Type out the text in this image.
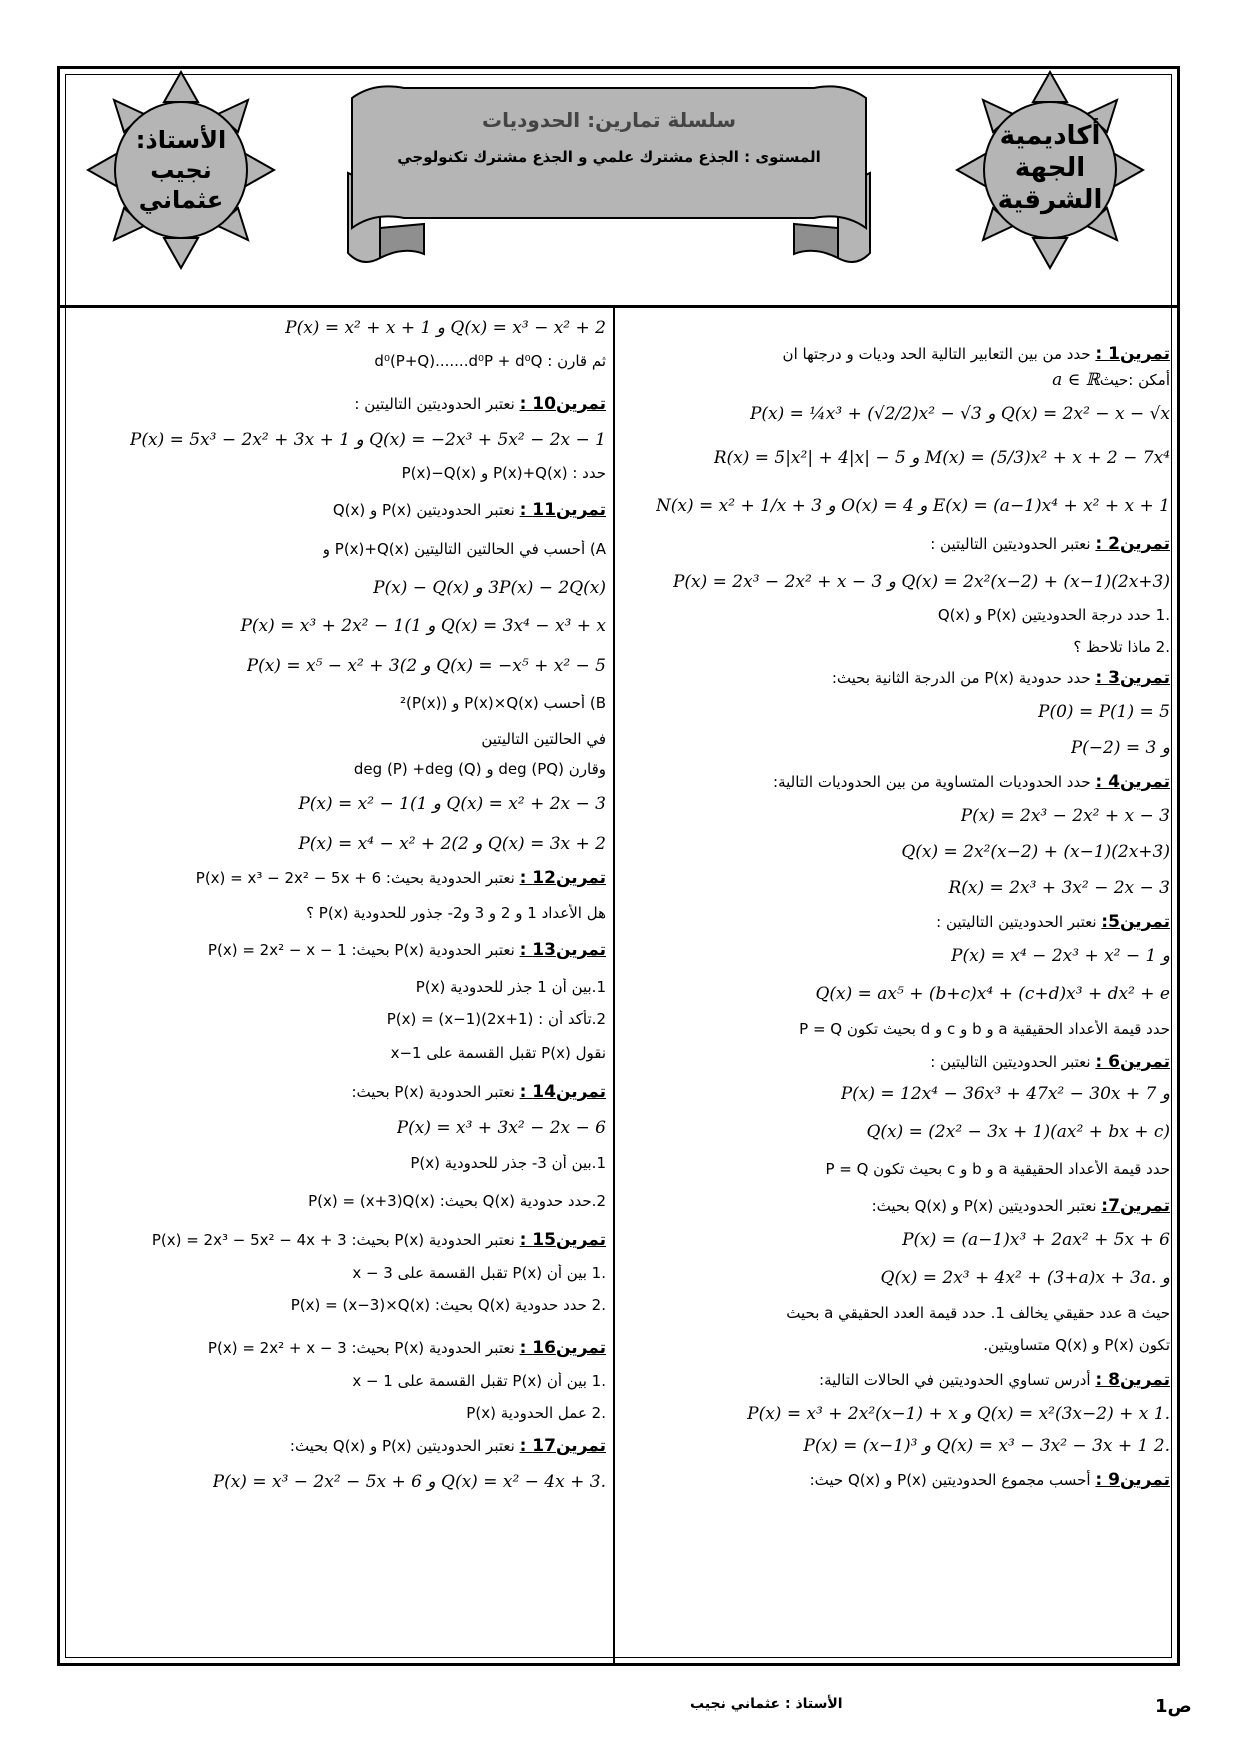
الأستاذ:
نجيب
عثماني
أكاديمية
الجهة
الشرقية
سلسلة تمارين: الحدوديات
المستوى : الجذع مشترك علمي و الجذع مشترك تكنولوجي
تمرين1 : حدد من بين التعابير التالية الحد وديات و درجتها ان
أمكن :حيثa ∈ ℝ
Q(x) = 2x² − x − √x و P(x) = ¼x³ + (√2/2)x² − √3
M(x) = (5/3)x² + x + 2 − 7x⁴ و R(x) = 5|x²| + 4|x| − 5
E(x) = (a−1)x⁴ + x² + x + 1 و O(x) = 4 و N(x) = x² + 1/x + 3
تمرين2 : نعتبر الحدوديتين التاليتين :
Q(x) = 2x²(x−2) + (x−1)(2x+3) و P(x) = 2x³ − 2x² + x − 3
.1 حدد درجة الحدوديتين P(x) و Q(x)
.2 ماذا تلاحظ ؟
تمرين3 : حدد حدودية P(x) من الدرجة الثانية بحيث:
P(0) = P(1) = 5
و P(−2) = 3
تمرين4 : حدد الحدوديات المتساوية من بين الحدوديات التالية:
P(x) = 2x³ − 2x² + x − 3
Q(x) = 2x²(x−2) + (x−1)(2x+3)
R(x) = 2x³ + 3x² − 2x − 3
تمرين5: نعتبر الحدوديتين التاليتين :
و P(x) = x⁴ − 2x³ + x² − 1
Q(x) = ax⁵ + (b+c)x⁴ + (c+d)x³ + dx² + e
حدد قيمة الأعداد الحقيقية a و b و c و d بحيث تكون P = Q
تمرين6 : نعتبر الحدوديتين التاليتين :
و P(x) = 12x⁴ − 36x³ + 47x² − 30x + 7
Q(x) = (2x² − 3x + 1)(ax² + bx + c)
حدد قيمة الأعداد الحقيقية a و b و c بحيث تكون P = Q
تمرين7: نعتبر الحدوديتين P(x) و Q(x) بحيث:
P(x) = (a−1)x³ + 2ax² + 5x + 6
و .Q(x) = 2x³ + 4x² + (3+a)x + 3a
حيث a عدد حقيقي يخالف 1. حدد قيمة العدد الحقيقي a بحيث
تكون P(x) و Q(x) متساويتين.
تمرين8 : أدرس تساوي الحدوديتين في الحالات التالية:
.1 Q(x) = x²(3x−2) + x و P(x) = x³ + 2x²(x−1) + x
.2 Q(x) = x³ − 3x² − 3x + 1 و P(x) = (x−1)³
تمرين9 : أحسب مجموع الحدوديتين P(x) و Q(x) حيث:
Q(x) = x³ − x² + 2 و P(x) = x² + x + 1
ثم قارن : d⁰(P+Q).......d⁰P + d⁰Q
تمرين10 : نعتبر الحدوديتين التاليتين :
Q(x) = −2x³ + 5x² − 2x − 1 و P(x) = 5x³ − 2x² + 3x + 1
حدد : P(x)+Q(x) و P(x)−Q(x)
تمرين11 : نعتبر الحدوديتين P(x) و Q(x)
A) أحسب في الحالتين التاليتين P(x)+Q(x) و
3P(x) − 2Q(x) و P(x) − Q(x)
Q(x) = 3x⁴ − x³ + x و P(x) = x³ + 2x² − 1(1
Q(x) = −x⁵ + x² − 5 و P(x) = x⁵ − x² + 3(2
B) أحسب P(x)×Q(x) و (P(x))²
في الحالتين التاليتين
وقارن (deg (PQ و deg (P) +deg (Q)
Q(x) = x² + 2x − 3 و P(x) = x² − 1(1
Q(x) = 3x + 2 و P(x) = x⁴ − x² + 2(2
تمرين12 : نعتبر الحدودية بحيث: P(x) = x³ − 2x² − 5x + 6
هل الأعداد 1 و 2 و 3 و2- جذور للحدودية P(x) ؟
تمرين13 : نعتبر الحدودية P(x) بحيث: P(x) = 2x² − x − 1
1.بين أن 1 جذر للحدودية P(x)
2.تأكد أن : P(x) = (x−1)(2x+1)
نقول P(x) تقبل القسمة على x−1
تمرين14 : نعتبر الحدودية P(x) بحيث:
P(x) = x³ + 3x² − 2x − 6
1.بين أن 3- جذر للحدودية P(x)
2.حدد حدودية Q(x) بحيث: P(x) = (x+3)Q(x)
تمرين15 : نعتبر الحدودية P(x) بحيث: P(x) = 2x³ − 5x² − 4x + 3
.1 بين أن P(x) تقبل القسمة على x − 3
.2 حدد حدودية Q(x) بحيث: P(x) = (x−3)×Q(x)
تمرين16 : نعتبر الحدودية P(x) بحيث: P(x) = 2x² + x − 3
.1 بين أن P(x) تقبل القسمة على x − 1
.2 عمل الحدودية P(x)
تمرين17 : نعتبر الحدوديتين P(x) و Q(x) بحيث:
.Q(x) = x² − 4x + 3 و P(x) = x³ − 2x² − 5x + 6
الأستاذ : عثماني نجيب	ص1
